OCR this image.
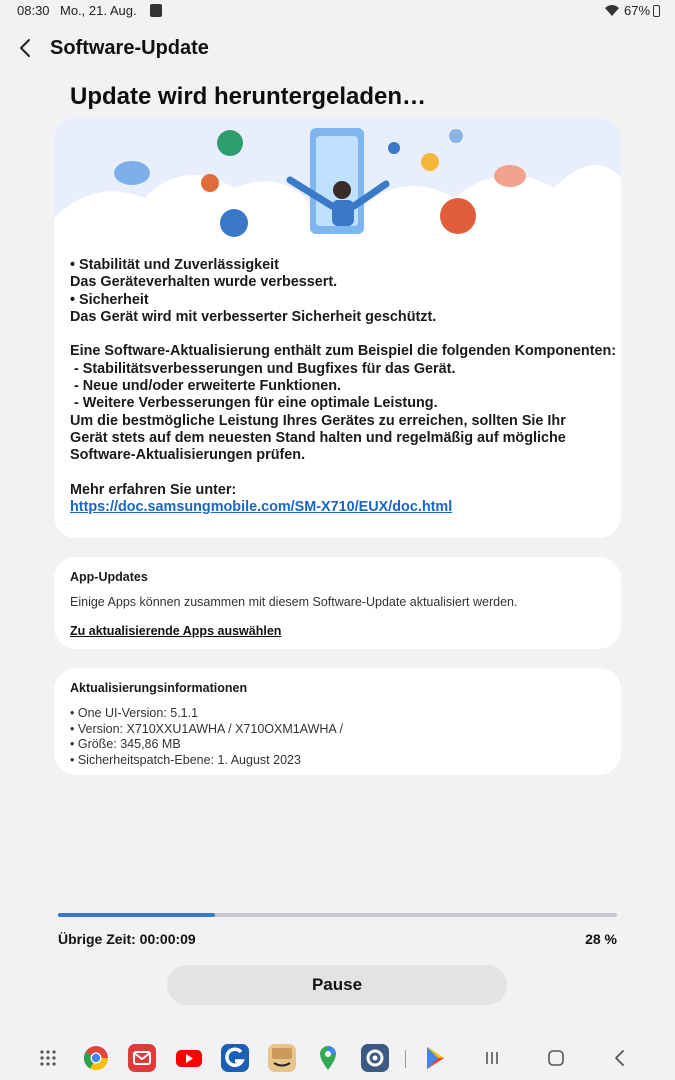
08:30 Mo., 21. Aug.	67%
Software-Update
Update wird heruntergeladen…
• Stabilität und Zuverlässigkeit
Das Geräteverhalten wurde verbessert.
• Sicherheit
Das Gerät wird mit verbesserter Sicherheit geschützt.
Eine Software-Aktualisierung enthält zum Beispiel die folgenden Komponenten:
- Stabilitätsverbesserungen und Bugfixes für das Gerät.
- Neue und/oder erweiterte Funktionen.
- Weitere Verbesserungen für eine optimale Leistung.
Um die bestmögliche Leistung Ihres Gerätes zu erreichen, sollten Sie Ihr
Gerät stets auf dem neuesten Stand halten und regelmäßig auf mögliche
Software-Aktualisierungen prüfen.
Mehr erfahren Sie unter:
https://doc.samsungmobile.com/SM-X710/EUX/doc.html
App-Updates
Einige Apps können zusammen mit diesem Software-Update aktualisiert werden.
Zu aktualisierende Apps auswählen
Aktualisierungsinformationen
• One UI-Version: 5.1.1
• Version: X710XXU1AWHA / X710OXM1AWHA /
• Größe: 345,86 MB
• Sicherheitspatch-Ebene: 1. August 2023
Übrige Zeit: 00:00:09	28 %
Pause
